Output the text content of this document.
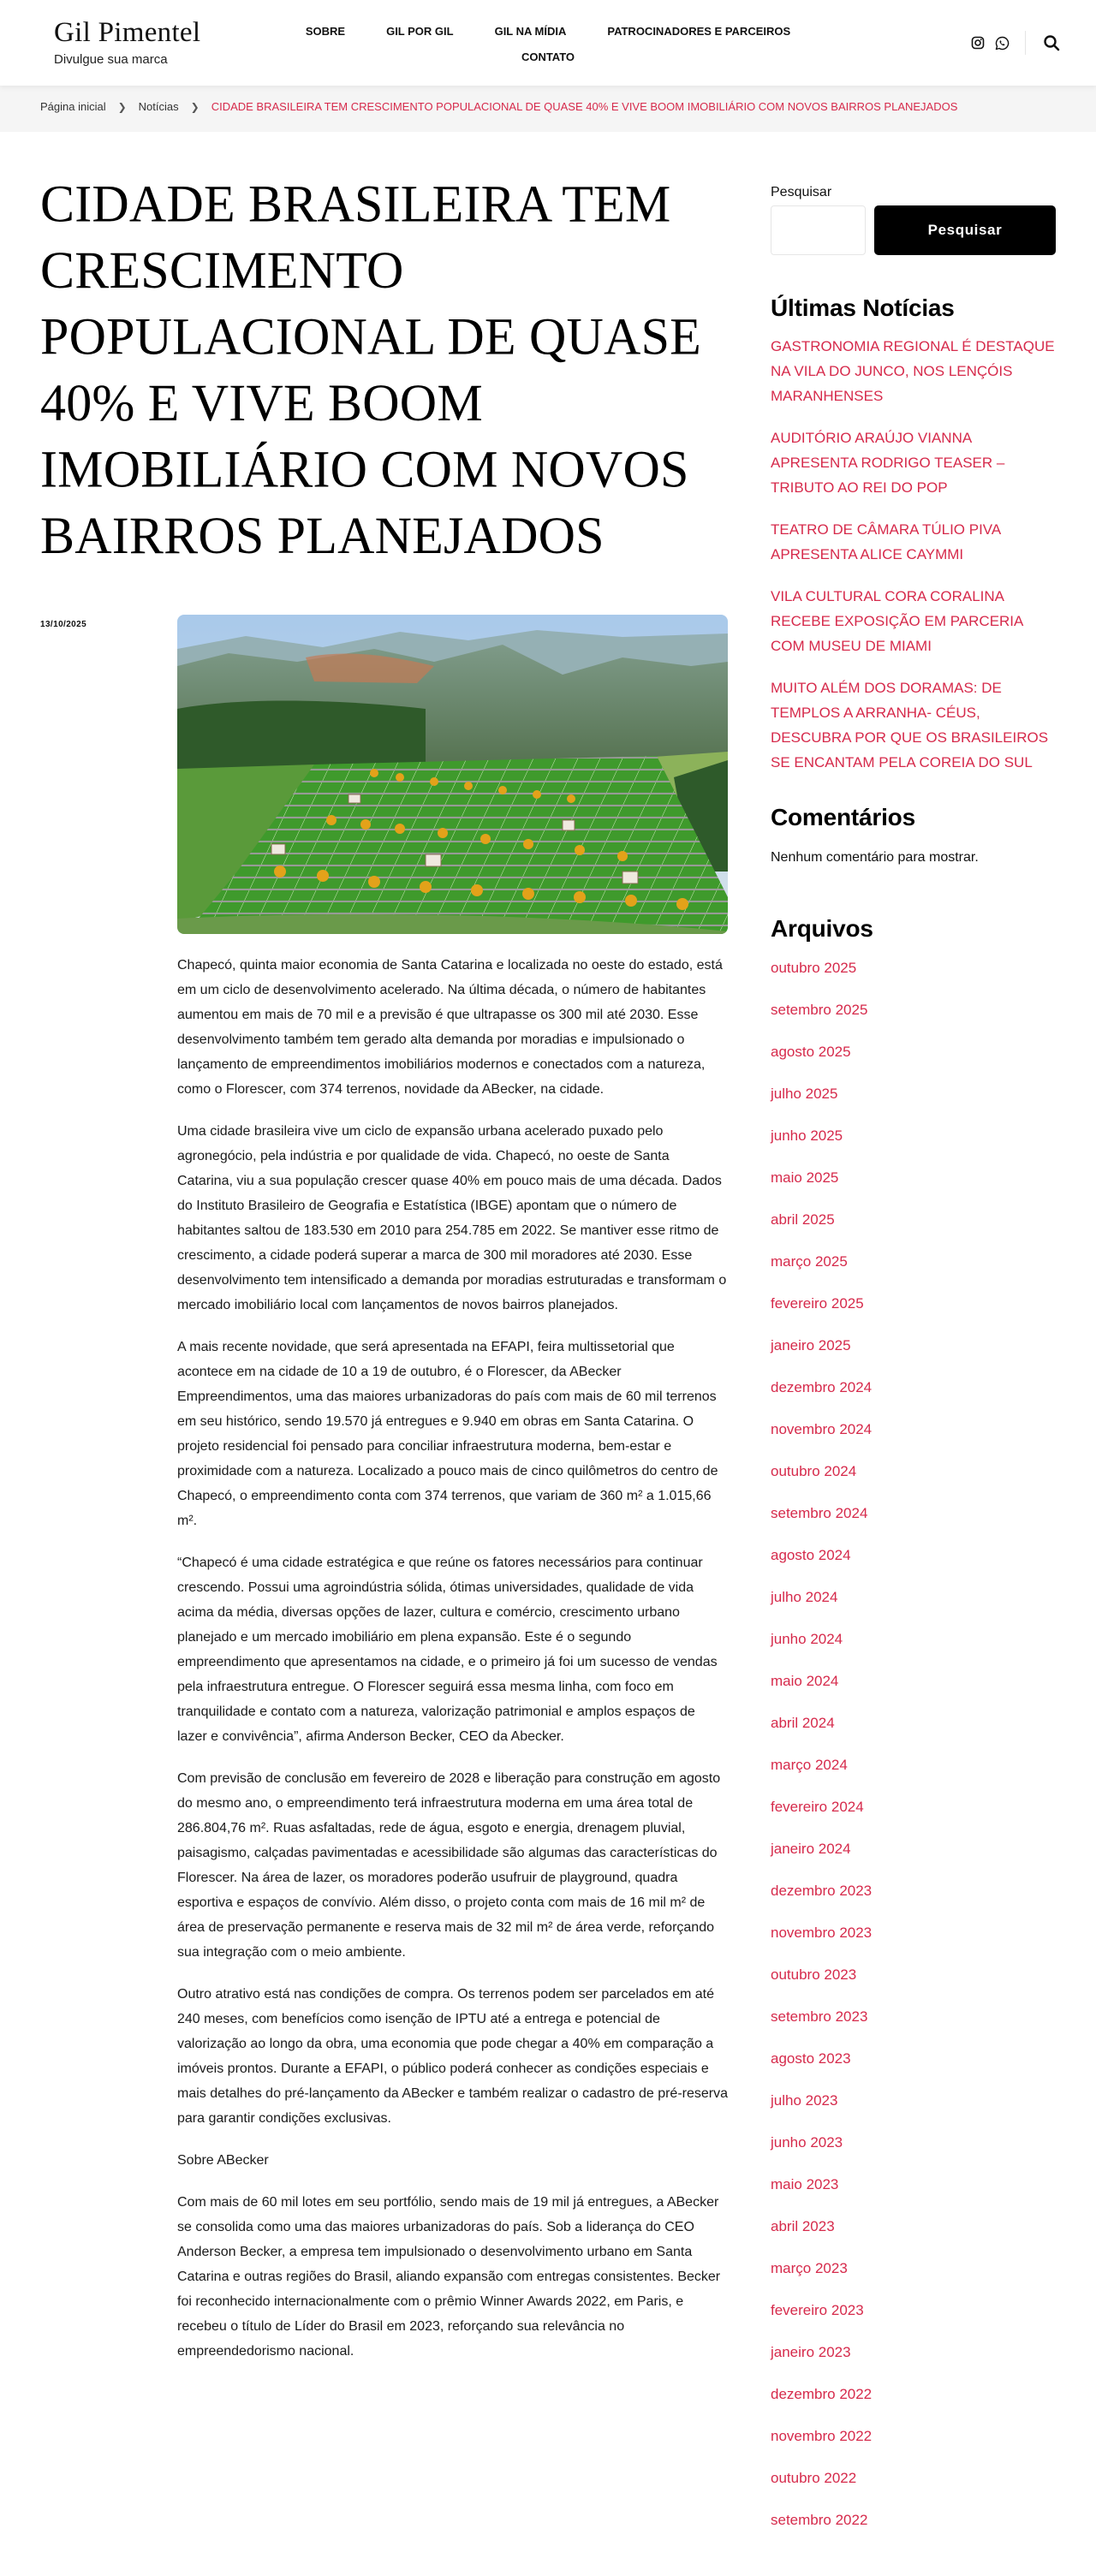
Gil Pimentel
Divulgue sua marca
SOBRE	GIL POR GIL	GIL NA MÍDIA	PATROCINADORES E PARCEIROS
CONTATO
Página inicial ❯ Notícias ❯ CIDADE BRASILEIRA TEM CRESCIMENTO POPULACIONAL DE QUASE 40% E VIVE BOOM IMOBILIÁRIO COM NOVOS BAIRROS PLANEJADOS
CIDADE BRASILEIRA TEM CRESCIMENTO POPULACIONAL DE QUASE 40% E VIVE BOOM IMOBILIÁRIO COM NOVOS BAIRROS PLANEJADOS
13/10/2025

Chapecó, quinta maior economia de Santa Catarina e localizada no oeste do estado, está em um ciclo de desenvolvimento acelerado. Na última década, o número de habitantes aumentou em mais de 70 mil e a previsão é que ultrapasse os 300 mil até 2030. Esse desenvolvimento também tem gerado alta demanda por moradias e impulsionado o lançamento de empreendimentos imobiliários modernos e conectados com a natureza, como o Florescer, com 374 terrenos, novidade da ABecker, na cidade.

Uma cidade brasileira vive um ciclo de expansão urbana acelerado puxado pelo agronegócio, pela indústria e por qualidade de vida. Chapecó, no oeste de Santa Catarina, viu a sua população crescer quase 40% em pouco mais de uma década. Dados do Instituto Brasileiro de Geografia e Estatística (IBGE) apontam que o número de habitantes saltou de 183.530 em 2010 para 254.785 em 2022. Se mantiver esse ritmo de crescimento, a cidade poderá superar a marca de 300 mil moradores até 2030. Esse desenvolvimento tem intensificado a demanda por moradias estruturadas e transformam o mercado imobiliário local com lançamentos de novos bairros planejados.

A mais recente novidade, que será apresentada na EFAPI, feira multissetorial que acontece em na cidade de 10 a 19 de outubro, é o Florescer, da ABecker Empreendimentos, uma das maiores urbanizadoras do país com mais de 60 mil terrenos em seu histórico, sendo 19.570 já entregues e 9.940 em obras em Santa Catarina. O projeto residencial foi pensado para conciliar infraestrutura moderna, bem-estar e proximidade com a natureza. Localizado a pouco mais de cinco quilômetros do centro de Chapecó, o empreendimento conta com 374 terrenos, que variam de 360 m² a 1.015,66 m².

“Chapecó é uma cidade estratégica e que reúne os fatores necessários para continuar crescendo. Possui uma agroindústria sólida, ótimas universidades, qualidade de vida acima da média, diversas opções de lazer, cultura e comércio, crescimento urbano planejado e um mercado imobiliário em plena expansão. Este é o segundo empreendimento que apresentamos na cidade, e o primeiro já foi um sucesso de vendas pela infraestrutura entregue. O Florescer seguirá essa mesma linha, com foco em tranquilidade e contato com a natureza, valorização patrimonial e amplos espaços de lazer e convivência”, afirma Anderson Becker, CEO da Abecker.

Com previsão de conclusão em fevereiro de 2028 e liberação para construção em agosto do mesmo ano, o empreendimento terá infraestrutura moderna em uma área total de 286.804,76 m². Ruas asfaltadas, rede de água, esgoto e energia, drenagem pluvial, paisagismo, calçadas pavimentadas e acessibilidade são algumas das características do Florescer. Na área de lazer, os moradores poderão usufruir de playground, quadra esportiva e espaços de convívio. Além disso, o projeto conta com mais de 16 mil m² de área de preservação permanente e reserva mais de 32 mil m² de área verde, reforçando sua integração com o meio ambiente.

Outro atrativo está nas condições de compra. Os terrenos podem ser parcelados em até 240 meses, com benefícios como isenção de IPTU até a entrega e potencial de valorização ao longo da obra, uma economia que pode chegar a 40% em comparação a imóveis prontos. Durante a EFAPI, o público poderá conhecer as condições especiais e mais detalhes do pré-lançamento da ABecker e também realizar o cadastro de pré-reserva para garantir condições exclusivas.

Sobre ABecker

Com mais de 60 mil lotes em seu portfólio, sendo mais de 19 mil já entregues, a ABecker se consolida como uma das maiores urbanizadoras do país. Sob a liderança do CEO Anderson Becker, a empresa tem impulsionado o desenvolvimento urbano em Santa Catarina e outras regiões do Brasil, aliando expansão com entregas consistentes. Becker foi reconhecido internacionalmente com o prêmio Winner Awards 2022, em Paris, e recebeu o título de Líder do Brasil em 2023, reforçando sua relevância no empreendedorismo nacional.

Pesquisar
Pesquisar
Últimas Notícias
GASTRONOMIA REGIONAL É DESTAQUE NA VILA DO JUNCO, NOS LENÇÓIS MARANHENSES
AUDITÓRIO ARAÚJO VIANNA APRESENTA RODRIGO TEASER – TRIBUTO AO REI DO POP
TEATRO DE CÂMARA TÚLIO PIVA APRESENTA ALICE CAYMMI
VILA CULTURAL CORA CORALINA RECEBE EXPOSIÇÃO EM PARCERIA COM MUSEU DE MIAMI
MUITO ALÉM DOS DORAMAS: DE TEMPLOS A ARRANHA- CÉUS, DESCUBRA POR QUE OS BRASILEIROS SE ENCANTAM PELA COREIA DO SUL
Comentários
Nenhum comentário para mostrar.
Arquivos
outubro 2025
setembro 2025
agosto 2025
julho 2025
junho 2025
maio 2025
abril 2025
março 2025
fevereiro 2025
janeiro 2025
dezembro 2024
novembro 2024
outubro 2024
setembro 2024
agosto 2024
julho 2024
junho 2024
maio 2024
abril 2024
março 2024
fevereiro 2024
janeiro 2024
dezembro 2023
novembro 2023
outubro 2023
setembro 2023
agosto 2023
julho 2023
junho 2023
maio 2023
abril 2023
março 2023
fevereiro 2023
janeiro 2023
dezembro 2022
novembro 2022
outubro 2022
setembro 2022
